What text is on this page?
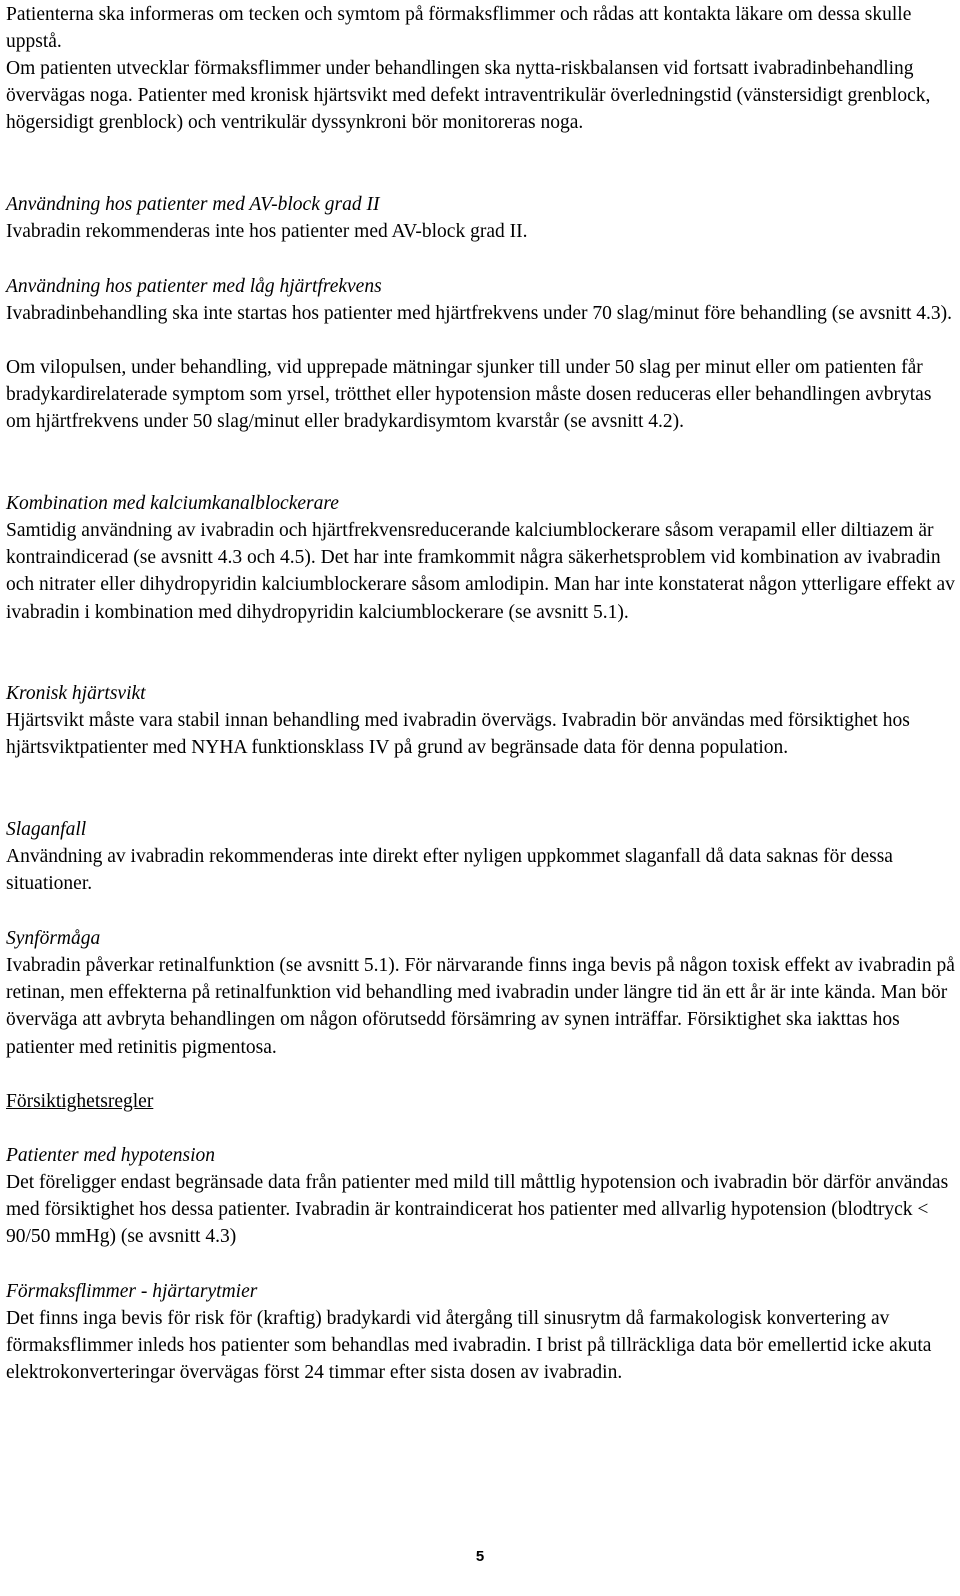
Patienterna ska informeras om tecken och symtom på förmaksflimmer och rådas att kontakta läkare om dessa skulle uppstå.

Om patienten utvecklar förmaksflimmer under behandlingen ska nytta-riskbalansen vid fortsatt ivabradinbehandling övervägas noga. Patienter med kronisk hjärtsvikt med defekt intraventrikulär överledningstid (vänstersidigt grenblock, högersidigt grenblock) och ventrikulär dyssynkroni bör monitoreras noga.

Användning hos patienter med AV-block grad II

Ivabradin rekommenderas inte hos patienter med AV-block grad II.

Användning hos patienter med låg hjärtfrekvens

Ivabradinbehandling ska inte startas hos patienter med hjärtfrekvens under 70 slag/minut före behandling (se avsnitt 4.3).

Om vilopulsen, under behandling, vid upprepade mätningar sjunker till under 50 slag per minut eller om patienten får bradykardirelaterade symptom som yrsel, trötthet eller hypotension måste dosen reduceras eller behandlingen avbrytas om hjärtfrekvens under 50 slag/minut eller bradykardisymtom kvarstår (se avsnitt 4.2).

Kombination med kalciumkanalblockerare

Samtidig användning av ivabradin och hjärtfrekvensreducerande kalciumblockerare såsom verapamil eller diltiazem är kontraindicerad (se avsnitt 4.3 och 4.5). Det har inte framkommit några säkerhetsproblem vid kombination av ivabradin och nitrater eller dihydropyridin kalciumblockerare såsom amlodipin. Man har inte konstaterat någon ytterligare effekt av ivabradin i kombination med dihydropyridin kalciumblockerare (se avsnitt 5.1).

Kronisk hjärtsvikt

Hjärtsvikt måste vara stabil innan behandling med ivabradin övervägs. Ivabradin bör användas med försiktighet hos hjärtsviktpatienter med NYHA funktionsklass IV på grund av begränsade data för denna population.

Slaganfall

Användning av ivabradin rekommenderas inte direkt efter nyligen uppkommet slaganfall då data saknas för dessa situationer.

Synförmåga

Ivabradin påverkar retinalfunktion (se avsnitt 5.1). För närvarande finns inga bevis på någon toxisk effekt av ivabradin på retinan, men effekterna på retinalfunktion vid behandling med ivabradin under längre tid än ett år är inte kända. Man bör överväga att avbryta behandlingen om någon oförutsedd försämring av synen inträffar. Försiktighet ska iakttas hos patienter med retinitis pigmentosa.

Försiktighetsregler

Patienter med hypotension

Det föreligger endast begränsade data från patienter med mild till måttlig hypotension och ivabradin bör därför användas med försiktighet hos dessa patienter. Ivabradin är kontraindicerat hos patienter med allvarlig hypotension (blodtryck < 90/50 mmHg) (se avsnitt 4.3)

Förmaksflimmer - hjärtarytmier

Det finns inga bevis för risk för (kraftig) bradykardi vid återgång till sinusrytm då farmakologisk konvertering av förmaksflimmer inleds hos patienter som behandlas med ivabradin. I brist på tillräckliga data bör emellertid icke akuta elektrokonverteringar övervägas först 24 timmar efter sista dosen av ivabradin.

5
